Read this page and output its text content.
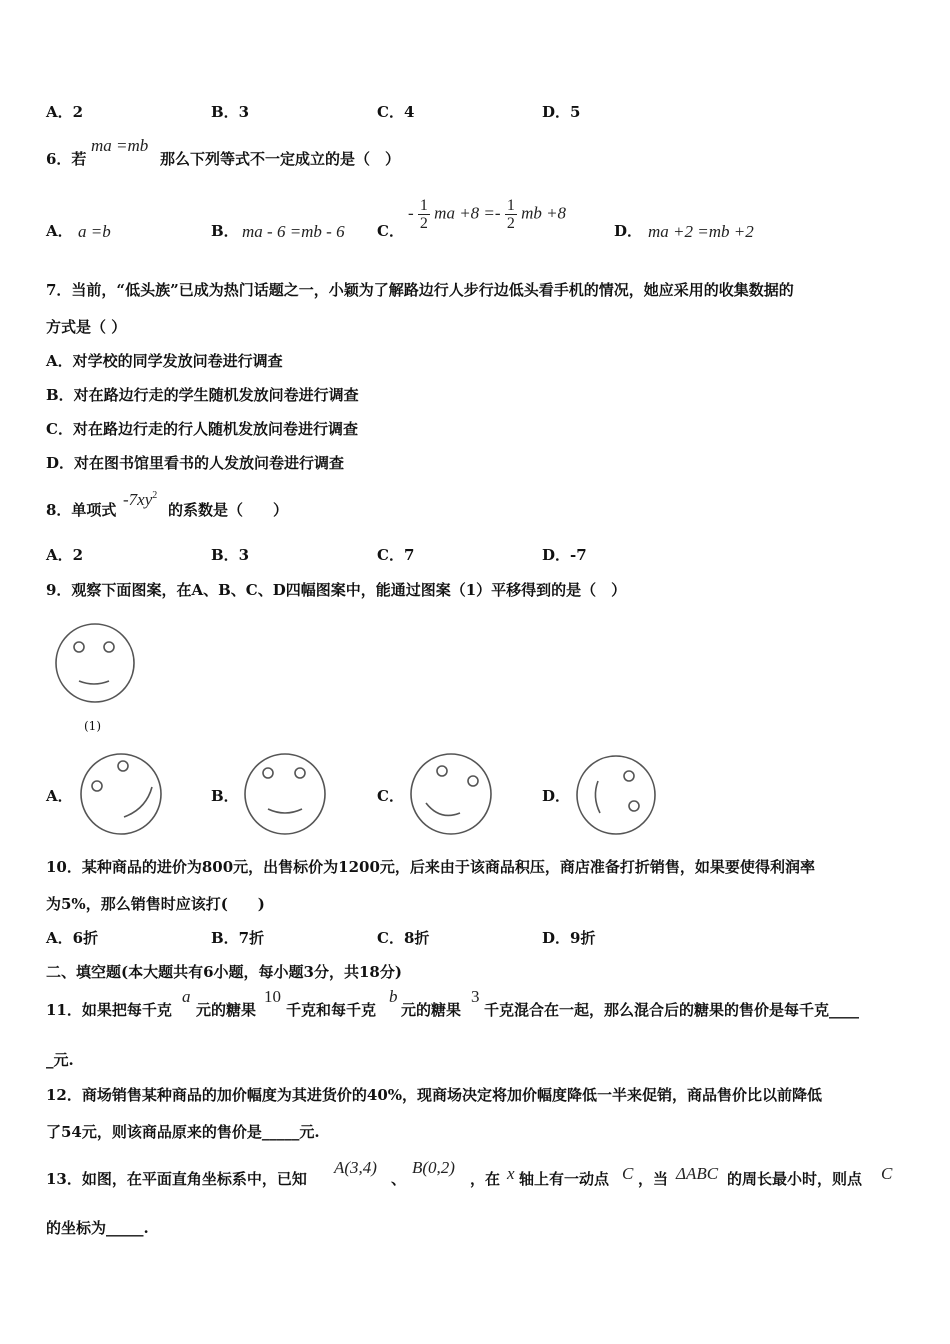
A．2	B．3	C．4	D．5
6．若
ma =mb
那么下列等式不一定成立的是（　）
A． a =b	B． ma - 6 =mb - 6 C．
- $\frac{1}{2}$ ma $+8 =- \frac{1}{2}$ mb +8
D． ma +2 =mb +2
7．当前，“低头族”已成为热门话题之一，小颖为了解路边行人步行边低头看手机的情况，她应采用的收集数据的
方式是（ ）
A．对学校的同学发放问卷进行调查
B．对在路边行走的学生随机发放问卷进行调查
C．对在路边行走的行人随机发放问卷进行调查
D．对在图书馆里看书的人发放问卷进行调查
8．单项式
$-7xy^2$
的系数是（　　）
A．2	B．3	C．7	D．-7
9．观察下面图案，在A、B、C、D四幅图案中，能通过图案（1）平移得到的是（　）
(1)
A．	B．	C．	D．
10．某种商品的进价为800元，出售标价为1200元，后来由于该商品积压，商店准备打折销售，如果要使得利润率
为5%，那么销售时应该打(　　)
A．6折	B．7折	C．8折	D．9折
二、填空题(本大题共有6小题，每小题3分，共18分)
11．如果把每千克
a
元的糖果
10
千克和每千克
b
元的糖果
3
千克混合在一起，那么混合后的糖果的售价是每千克____
_元.
12．商场销售某种商品的加价幅度为其进货价的40%，现商场决定将加价幅度降低一半来促销，商品售价比以前降低
了54元，则该商品原来的售价是_____元.
13．如图，在平面直角坐标系中，已知
A(3,4)
、
B(0,2)
，在 x 轴上有一动点 C ，当 ΔABC 的周长最小时，则点 C
的坐标为_____.
